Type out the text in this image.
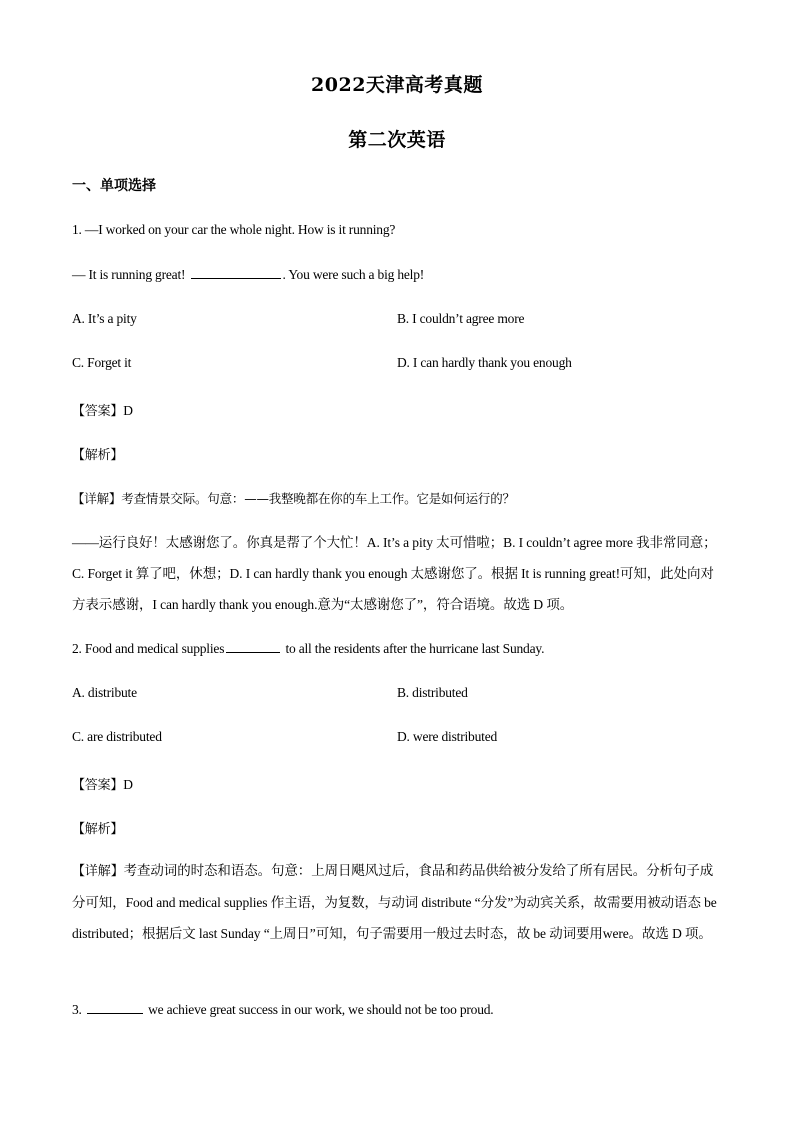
2022天津高考真题
第二次英语
一、单项选择
1. —I worked on your car the whole night. How is it running?
— It is running great!	. You were such a big help!
A. It’s a pity	B. I couldn’t agree more
C. Forget it	D. I can hardly thank you enough
【答案】D
【解析】
【详解】考查情景交际。句意：——我整晚都在你的车上工作。它是如何运行的？
——运行良好！太感谢您了。你真是帮了个大忙！A. It’s a pity 太可惜啦；B. I couldn’t agree more 我非常同意；C. Forget it 算了吧，休想；D. I can hardly thank you enough 太感谢您了。根据 It is running great!可知，此处向对方表示感谢，I can hardly thank you enough.意为“太感谢您了”，符合语境。故选 D 项。
2. Food and medical supplies	to all the residents after the hurricane last Sunday.
A. distribute	B. distributed
C. are distributed	D. were distributed
【答案】D
【解析】
【详解】考查动词的时态和语态。句意：上周日飓风过后，食品和药品供给被分发给了所有居民。分析句子成分可知，Food and medical supplies 作主语，为复数，与动词 distribute “分发”为动宾关系，故需要用被动语态 be distributed；根据后文 last Sunday “上周日”可知，句子需要用一般过去时态，故 be 动词要用were。故选 D 项。
3.	we achieve great success in our work, we should not be too proud.
